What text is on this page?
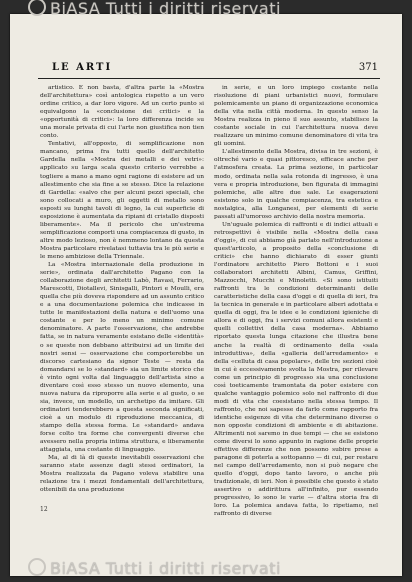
BiASA Tutti i diritti riservati
LE ARTI	371

artistico. E non basta, d'altra parte la «Mostra dell'architettura» così antologica rispetto a un vero ordine critico, a dar loro vigore. Ad un certo punto si equivalgono la «conclusione dei critici» e la «opportunità di critici»: la loro differenza incide su una morale privata di cui l'arte non giustifica non tien conto.

Tentativi, all'opposto, di semplificazione non mancano, prima fra tutti quello dell'architetto Gardella nella «Mostra dei metalli e dei vetri»: applicato su larga scala questo criterio verrebbe a togliere a mano a mano ogni ragione di esistere ad un allestimento che sia fine a se stesso. Dice la relazione di Gardella: «salvo che per alcuni pezzi speciali, che sono collocati a muro, gli oggetti di metallo sono esposti su lunghi tavoli di legno, la cui superficie di esposizione è aumentata da ripiani di cristallo disposti liberamente». Ma il pericolo che un'estrema semplificazione comporti una compiacenza di gusto, in altre modo lezioso, non è nemmeno lontano da questa Mostra particolare rivelatasi tuttavia tra le più serie e le meno ambiziose della Triennale.

La «Mostra internazionale della produzione in serie», ordinata dall'architetto Pagano con la collaborazione degli architetti Labò, Ravasi, Ferrario, Marescotti, Diotallevi, Sinisgalli, Pintori e Moulli, era quella che più doveva rispondere ad un assunto critico e a una documentazione polemica che indicasse in tutte le manifestazioni della natura e dell'uomo una costante e per lo meno un minimo comune denominatore. A parte l'osservazione, che andrebbe fatta, se in natura veramente esistano delle «identità» o se queste non debbano attribuirsi ad un limite dei nostri sensi — osservazione che comporterebbe un discorso cartesiano da signor Teste — resta da domandarsi se lo «standard» sia un limite storico che è vinto ogni volta dal linguaggio dell'artista sino a diventare così esso stesso un nuovo elemento, una nuova natura da riproporre alla serie e al gusto, o se sia, invece, un modello, un archetipo da imitare. Gli ordinatori tenderebbero a questa seconda significati, cioè a un modulo di riproduzione meccanica, di stampo della stessa forma. Le «standard» andava forse colto tra forme che convergenti diverse che avessero nella propria intima struttura, e liberamente attaggiata, una costante di linguaggio.

Ma, al di là di queste inevitabili osservazioni che saranno state assenze dagli stessi ordinatori, la Mostra realizzata da Pagano voleva stabilire una relazione tra i mezzi fondamentali dell'architettura, ottenibili da una produzione

in serie, e un loro impiego costante nella risoluzione di piani urbanistici nuovi, formulare polemicamente un piano di organizzazione economica della vita nella città moderna. In questo senso la Mostra realizza in pieno il suo assunto, stabilisce la costante sociale in cui l'architettura nuova deve realizzare un minimo comune denominatore di vita tra gli uomini.

L'allestimento della Mostra, divisa in tre sezioni, è oltreché vario e quasi pittoresco, efficace anche per l'atmosfera creata. La prima sezione, in particolar modo, ordinata nella sala rotonda di ingresso, è una vera e propria introduzione, ben figurata di immagini polemiche, alle altre due sale. Le esagerazioni esistono solo in qualche compiacenza, tra estetica e nostalgica, alla Longanesi, per elementi di serie passati all'umoroso archivio della nostra memoria.

Un'uguale polemica di raffronti e di indici attuali e retrospettivi è visibile nella «Mostra della casa d'oggi», di cui abbiamo già parlato nell'introduzione a quest'articolo, a proposito della «conclusione di critici» che hanno dichiarato di esser giunti l'ordinatore architetto Piero Bottoni e i suoi collaboratori architetti Albini, Camus, Griffini, Mazzocchi, Mucchi e Minoletti. «Si sono istituiti raffronti tra le condizioni determinanti delle caratteristiche della casa d'oggi e di quella di ieri, fra la tecnica in generale e in particolare alberi adottata e quella di oggi, fra le idee e le condizioni igieniche di allora e di oggi, fra i servizi comuni allora esistenti e quelli collettivi della casa moderna». Abbiamo riportato questa lunga citazione che illustra bene anche la realtà di ordinamento della «sala introduttiva», della «galleria dell'arredamento» e della «celluta di casa popolare», delle tre sezioni cioè in cui è eccessivamente svolta la Mostra, per rilevare come un principio di progresso sia una conclusione così toeticamente tramontata da poter esistere con qualche vantaggio polemico solo nel raffronto di due modi di vita che coesistano nella stessa tempo. Il raffronto, che noi sapesse da farlo come rapporto fra identiche esigenze di vita che determinano diverse o non opposte condizioni di ambiente e di abitazione. Altrimenti noi saremo in due tempi — che se esistono come diversi lo sono appunto in ragione delle proprie effettive differenze che non possono subire prese a paragone di poterla a sottopanno — di cui, per restare nel campo dell'arredamento, non si può negare che quello d'oggi, dopo tanto lavoro, o anche più tradizionale, di ieri. Non è possibile che questo è stato assertivo o addirittura all'infinito, pur essendo progressivo, lo sono le varie — d'altra storia fra di loro. La polemica andava fatta, lo ripetiamo, nel raffronto di diverse

12
BiASA Tutti i diritti riservati
